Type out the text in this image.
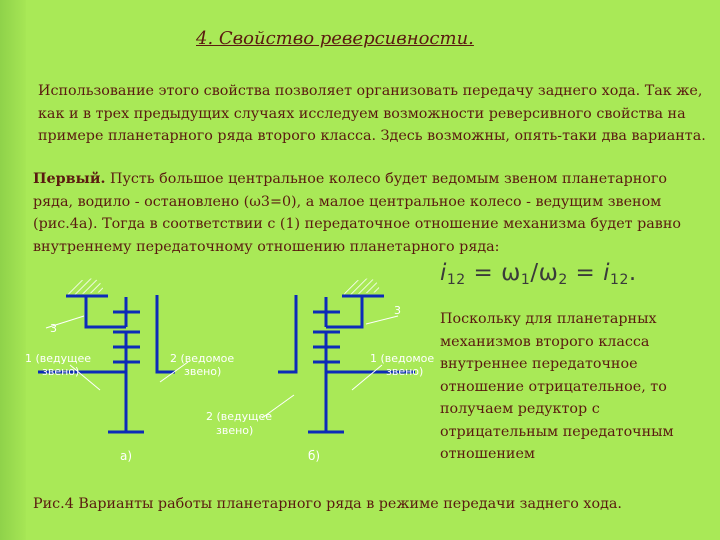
4. Свойство реверсивности.

Использование этого свойства позволяет организовать передачу заднего хода. Так же, как и в трех предыдущих случаях исследуем возможности реверсивного свойства на примере планетарного ряда второго класса. Здесь возможны, опять-таки два варианта.

Первый. Пусть большое центральное колесо будет ведомым звеном планетарного ряда, водило - остановлено (ω3=0), а малое центральное колесо - ведущим звеном (рис.4а). Тогда в соответствии с (1) передаточное отношение механизма будет равно внутреннему передаточному отношению планетарного ряда:

$i_{12} = \omega_1/\omega_2 = i_{12}$.

Поскольку для планетарных механизмов второго класса внутреннее передаточное отношение отрицательное, то получаем редуктор с отрицательным передаточным отношением

3
1 (ведущее
звено)
2 (ведомое
звено)
а)
3
1 (ведомое
звено)
2 (ведущее
звено)
б)

Рис.4 Варианты работы планетарного ряда в режиме передачи заднего хода.
